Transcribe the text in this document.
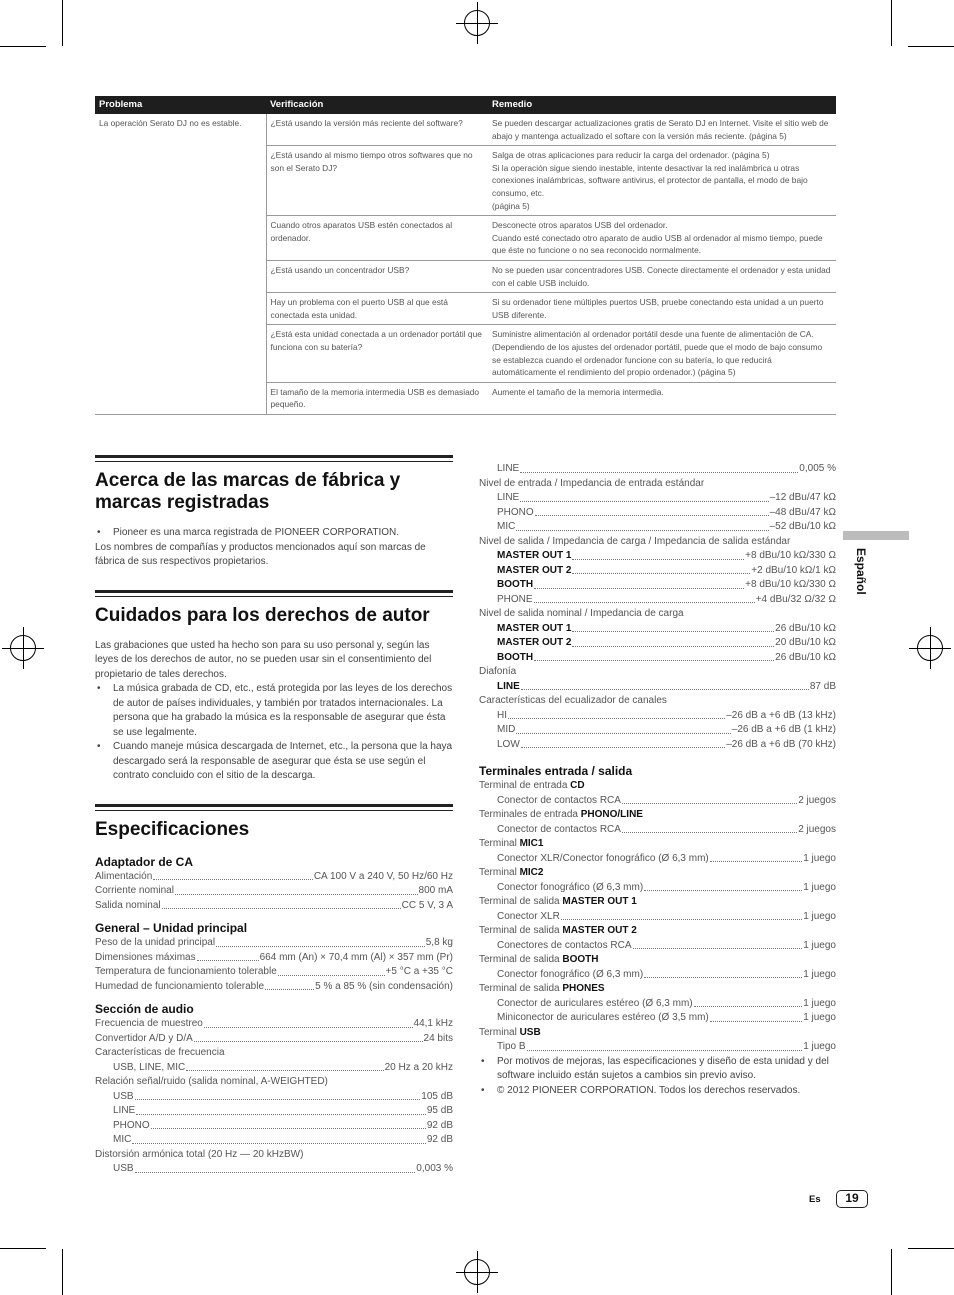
Problema	Verificación	Remedio
La operación Serato DJ no es estable.	¿Está usando la versión más reciente del software?	Se pueden descargar actualizaciones gratis de Serato DJ en Internet. Visite el sitio web de abajo y mantenga actualizado el softare con la versión más reciente. (página 5)
	¿Está usando al mismo tiempo otros softwares que no son el Serato DJ?	Salga de otras aplicaciones para reducir la carga del ordenador. (página 5)
Si la operación sigue siendo inestable, intente desactivar la red inalámbrica u otras conexiones inalámbricas, software antivirus, el protector de pantalla, el modo de bajo consumo, etc.
(página 5)
	Cuando otros aparatos USB estén conectados al ordenador.	Desconecte otros aparatos USB del ordenador.
Cuando esté conectado otro aparato de audio USB al ordenador al mismo tiempo, puede que éste no funcione o no sea reconocido normalmente.
	¿Está usando un concentrador USB?	No se pueden usar concentradores USB. Conecte directamente el ordenador y esta unidad con el cable USB incluido.
	Hay un problema con el puerto USB al que está conectada esta unidad.	Si su ordenador tiene múltiples puertos USB, pruebe conectando esta unidad a un puerto USB diferente.
	¿Está esta unidad conectada a un ordenador portátil que funciona con su batería?	Suministre alimentación al ordenador portátil desde una fuente de alimentación de CA.
(Dependiendo de los ajustes del ordenador portátil, puede que el modo de bajo consumo se establezca cuando el ordenador funcione con su batería, lo que reducirá automáticamente el rendimiento del propio ordenador.) (página 5)
	El tamaño de la memoria intermedia USB es demasiado pequeño.	Aumente el tamaño de la memoria intermedia.
Acerca de las marcas de fábrica y marcas registradas
• Pioneer es una marca registrada de PIONEER CORPORATION.
Los nombres de compañías y productos mencionados aquí son marcas de fábrica de sus respectivos propietarios.
Cuidados para los derechos de autor
Las grabaciones que usted ha hecho son para su uso personal y, según las leyes de los derechos de autor, no se pueden usar sin el consentimiento del propietario de tales derechos.
• La música grabada de CD, etc., está protegida por las leyes de los derechos de autor de países individuales, y también por tratados internacionales. La persona que ha grabado la música es la responsable de asegurar que ésta se use legalmente.
• Cuando maneje música descargada de Internet, etc., la persona que la haya descargado será la responsable de asegurar que ésta se use según el contrato concluido con el sitio de la descarga.
Especificaciones
Adaptador de CA
Alimentación	CA 100 V a 240 V, 50 Hz/60 Hz
Corriente nominal	800 mA
Salida nominal	CC 5 V, 3 A
General – Unidad principal
Peso de la unidad principal	5,8 kg
Dimensiones máximas	664 mm (An) × 70,4 mm (Al) × 357 mm (Pr)
Temperatura de funcionamiento tolerable	+5 °C a +35 °C
Humedad de funcionamiento tolerable	5 % a 85 % (sin condensación)
Sección de audio
Frecuencia de muestreo	44,1 kHz
Convertidor A/D y D/A	24 bits
Características de frecuencia
USB, LINE, MIC	20 Hz a 20 kHz
Relación señal/ruido (salida nominal, A-WEIGHTED)
USB	105 dB
LINE	95 dB
PHONO	92 dB
MIC	92 dB
Distorsión armónica total (20 Hz — 20 kHzBW)
USB	0,003 %
LINE	0,005 %
Nivel de entrada / Impedancia de entrada estándar
LINE	–12 dBu/47 kΩ
PHONO	–48 dBu/47 kΩ
MIC	–52 dBu/10 kΩ
Nivel de salida / Impedancia de carga / Impedancia de salida estándar
MASTER OUT 1	+8 dBu/10 kΩ/330 Ω
MASTER OUT 2	+2 dBu/10 kΩ/1 kΩ
BOOTH	+8 dBu/10 kΩ/330 Ω
PHONE	+4 dBu/32 Ω/32 Ω
Nivel de salida nominal / Impedancia de carga
MASTER OUT 1	26 dBu/10 kΩ
MASTER OUT 2	20 dBu/10 kΩ
BOOTH	26 dBu/10 kΩ
Diafonía
LINE	87 dB
Características del ecualizador de canales
HI	–26 dB a +6 dB (13 kHz)
MID	–26 dB a +6 dB (1 kHz)
LOW	–26 dB a +6 dB (70 kHz)
Terminales entrada / salida
Terminal de entrada CD
Conector de contactos RCA	2 juegos
Terminales de entrada PHONO/LINE
Conector de contactos RCA	2 juegos
Terminal MIC1
Conector XLR/Conector fonográfico (Ø 6,3 mm)	1 juego
Terminal MIC2
Conector fonográfico (Ø 6,3 mm)	1 juego
Terminal de salida MASTER OUT 1
Conector XLR	1 juego
Terminal de salida MASTER OUT 2
Conectores de contactos RCA	1 juego
Terminal de salida BOOTH
Conector fonográfico (Ø 6,3 mm)	1 juego
Terminal de salida PHONES
Conector de auriculares estéreo (Ø 6,3 mm)	1 juego
Miniconector de auriculares estéreo (Ø 3,5 mm)	1 juego
Terminal USB
Tipo B	1 juego
• Por motivos de mejoras, las especificaciones y diseño de esta unidad y del software incluido están sujetos a cambios sin previo aviso.
• © 2012 PIONEER CORPORATION. Todos los derechos reservados.
Español
Es	19
